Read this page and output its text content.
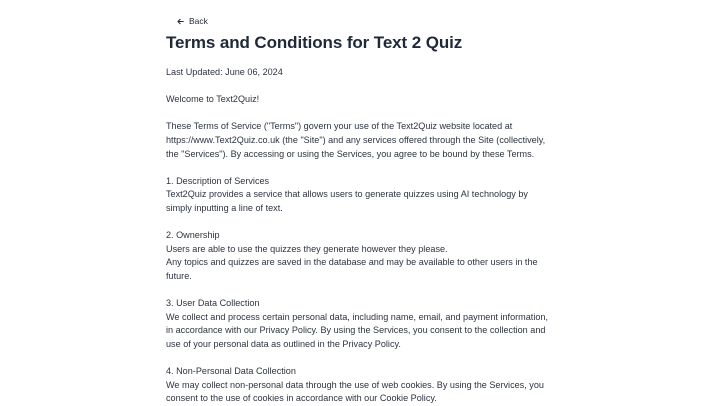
Back
Terms and Conditions for Text 2 Quiz

Last Updated: June 06, 2024

Welcome to Text2Quiz!

These Terms of Service ("Terms") govern your use of the Text2Quiz website located at https://www.Text2Quiz.co.uk (the "Site") and any services offered through the Site (collectively, the "Services"). By accessing or using the Services, you agree to be bound by these Terms.

1. Description of Services
Text2Quiz provides a service that allows users to generate quizzes using AI technology by simply inputting a line of text.

2. Ownership
Users are able to use the quizzes they generate however they please.
Any topics and quizzes are saved in the database and may be available to other users in the future.

3. User Data Collection
We collect and process certain personal data, including name, email, and payment information, in accordance with our Privacy Policy. By using the Services, you consent to the collection and use of your personal data as outlined in the Privacy Policy.

4. Non-Personal Data Collection
We may collect non-personal data through the use of web cookies. By using the Services, you consent to the use of cookies in accordance with our Cookie Policy.
